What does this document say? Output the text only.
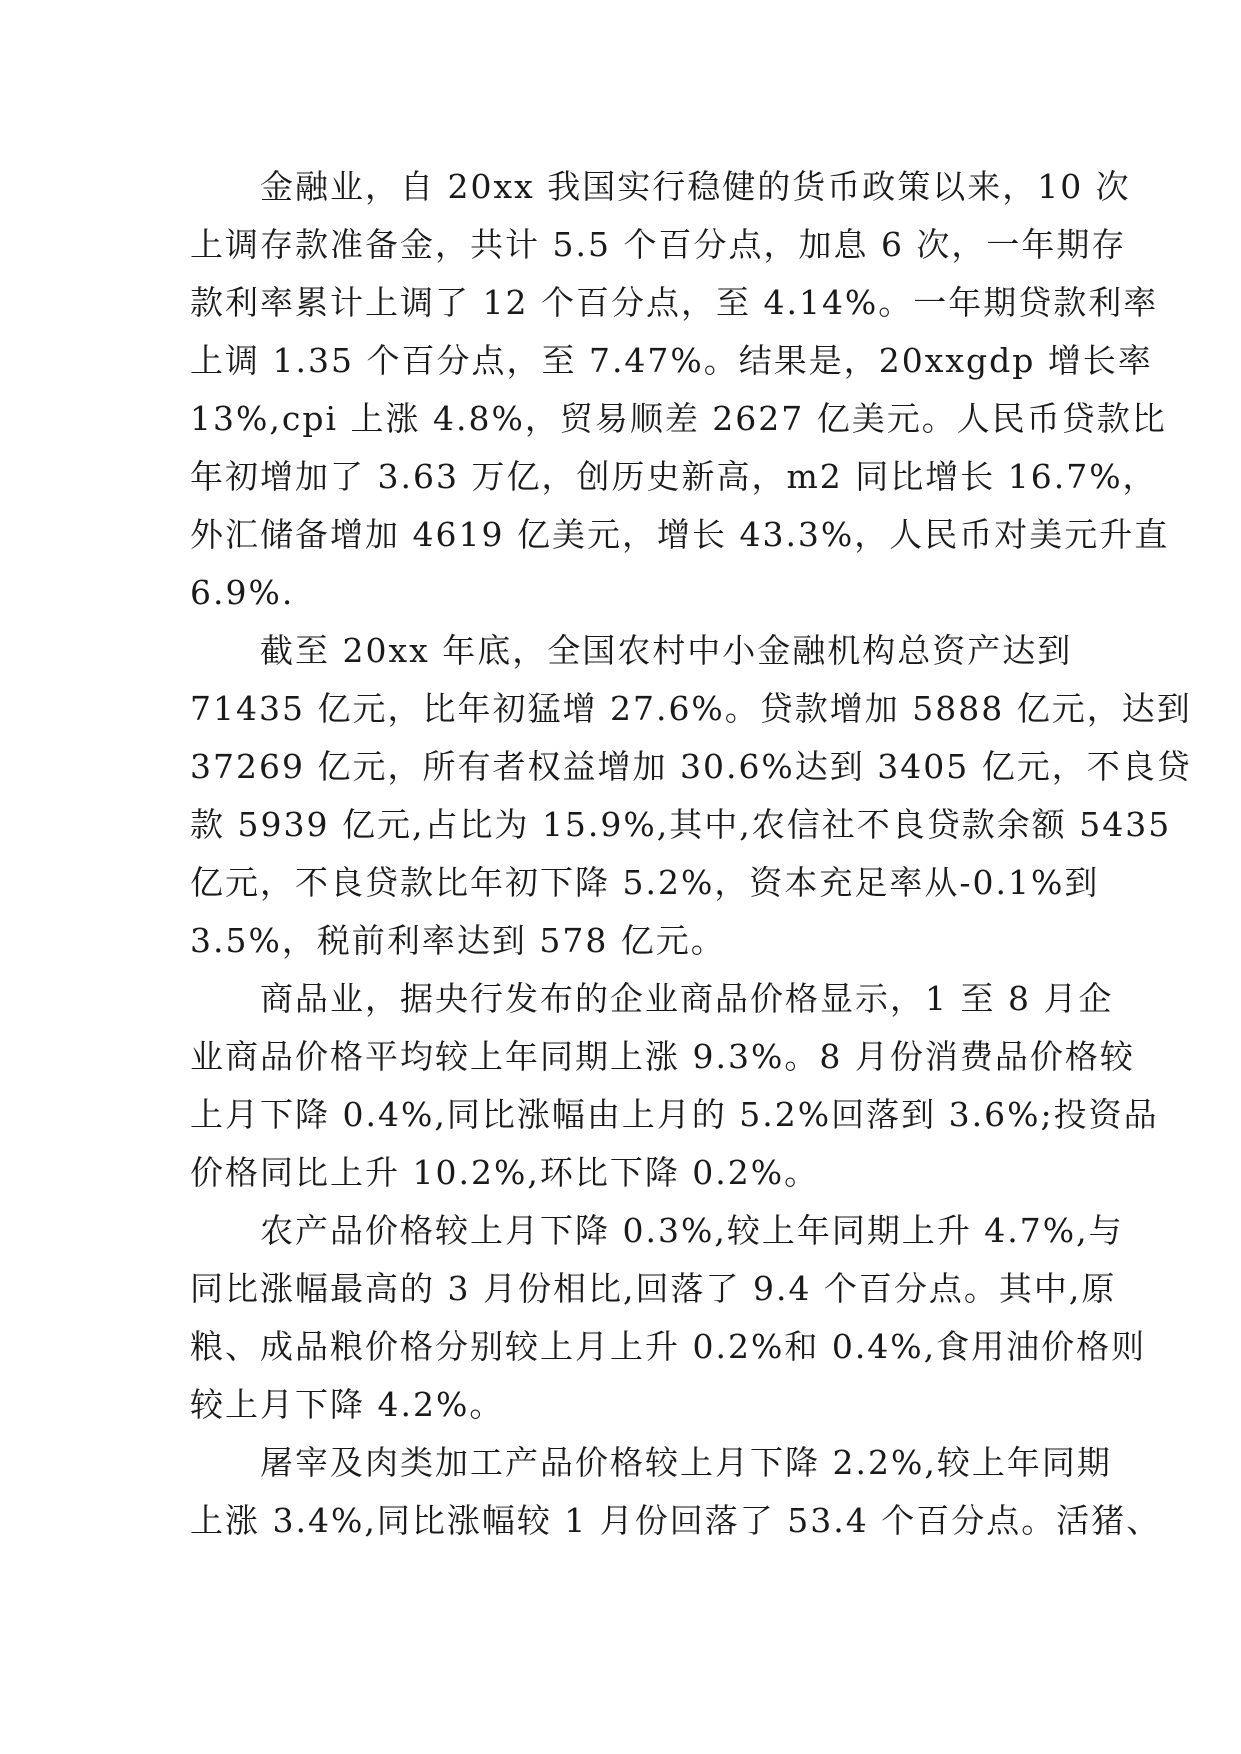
　　金融业，自 20xx 我国实行稳健的货币政策以来，10 次
上调存款准备金，共计 5.5 个百分点，加息 6 次，一年期存
款利率累计上调了 12 个百分点，至 4.14%。一年期贷款利率
上调 1.35 个百分点，至 7.47%。结果是，20xxgdp 增长率
13%,cpi 上涨 4.8%，贸易顺差 2627 亿美元。人民币贷款比
年初增加了 3.63 万亿，创历史新高，m2 同比增长 16.7%，
外汇储备增加 4619 亿美元，增长 43.3%，人民币对美元升直
6.9%.
　　截至 20xx 年底，全国农村中小金融机构总资产达到
71435 亿元，比年初猛增 27.6%。贷款增加 5888 亿元，达到
37269 亿元，所有者权益增加 30.6%达到 3405 亿元，不良贷
款 5939 亿元,占比为 15.9%,其中,农信社不良贷款余额 5435
亿元，不良贷款比年初下降 5.2%，资本充足率从-0.1%到
3.5%，税前利率达到 578 亿元。
　　商品业，据央行发布的企业商品价格显示，1 至 8 月企
业商品价格平均较上年同期上涨 9.3%。8 月份消费品价格较
上月下降 0.4%,同比涨幅由上月的 5.2%回落到 3.6%;投资品
价格同比上升 10.2%,环比下降 0.2%。
　　农产品价格较上月下降 0.3%,较上年同期上升 4.7%,与
同比涨幅最高的 3 月份相比,回落了 9.4 个百分点。其中,原
粮、成品粮价格分别较上月上升 0.2%和 0.4%,食用油价格则
较上月下降 4.2%。
　　屠宰及肉类加工产品价格较上月下降 2.2%,较上年同期
上涨 3.4%,同比涨幅较 1 月份回落了 53.4 个百分点。活猪、
